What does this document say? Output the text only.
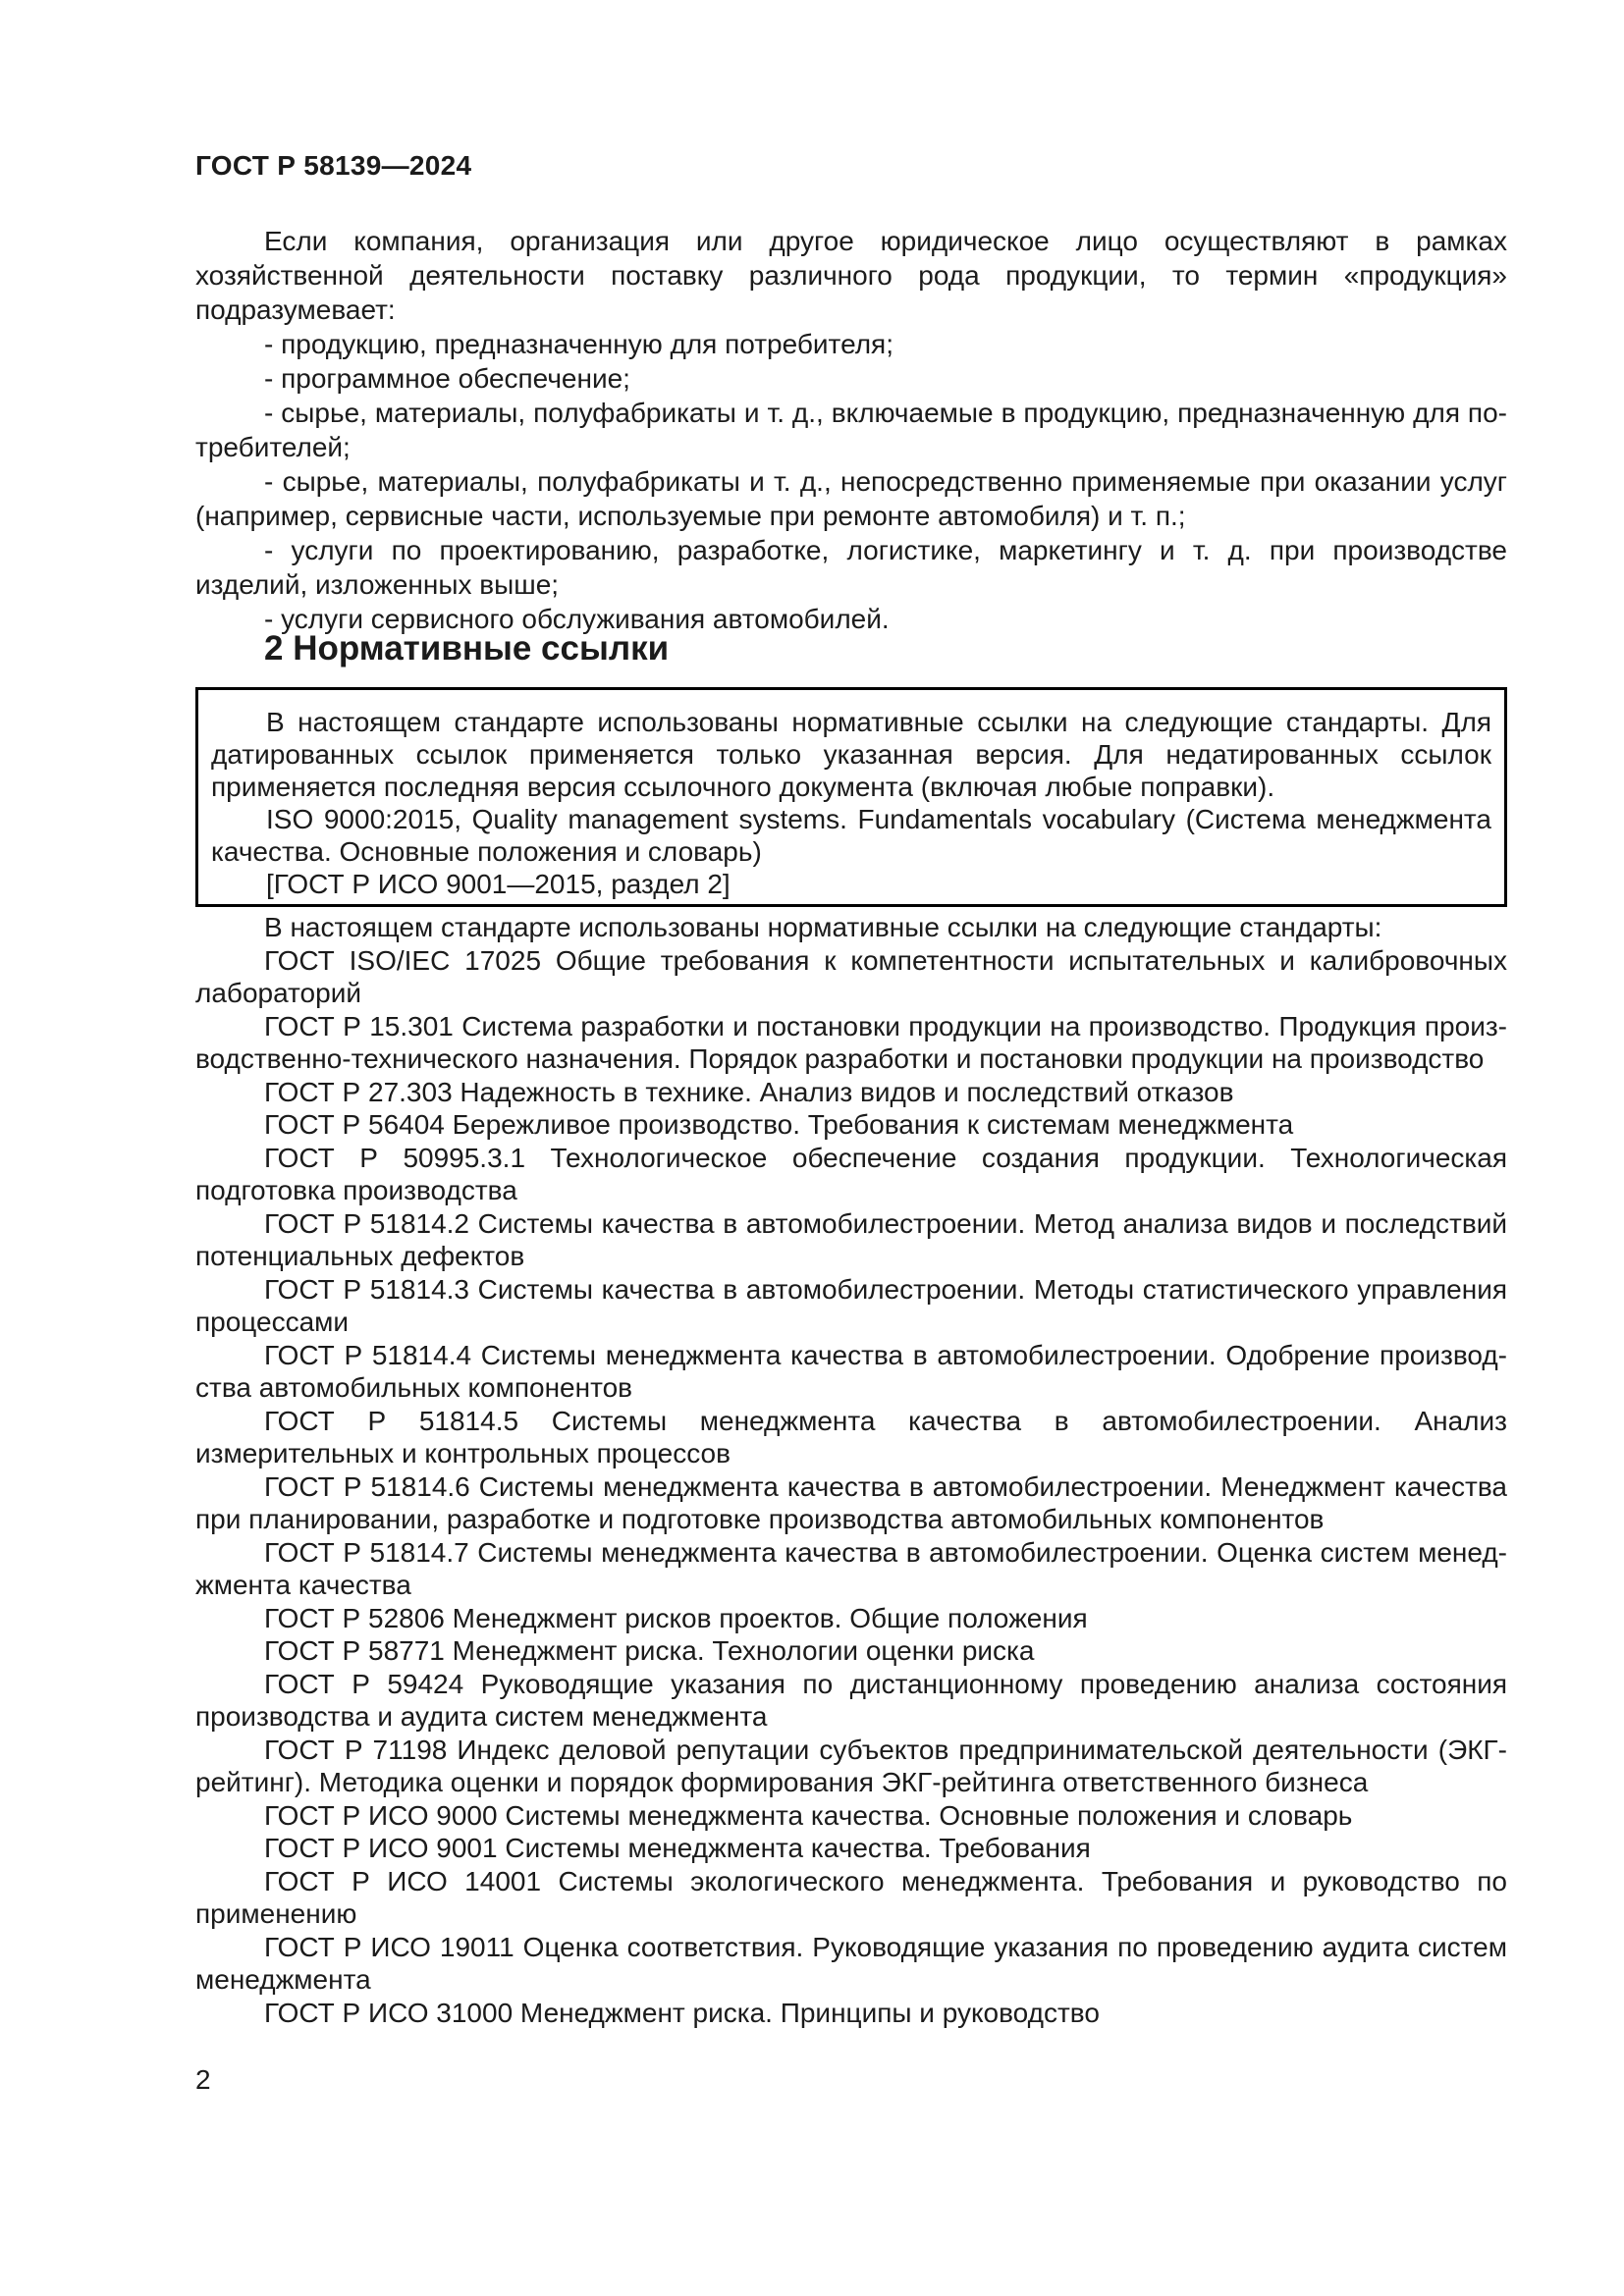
ГОСТ Р 58139—2024

Если компания, организация или другое юридическое лицо осуществляют в рамках хозяйственной деятельности поставку различного рода продукции, то термин «продукция» подразумевает:

- продукцию, предназначенную для потребителя;

- программное обеспечение;

- сырье, материалы, полуфабрикаты и т. д., включаемые в продукцию, предназначенную для потребителей;

- сырье, материалы, полуфабрикаты и т. д., непосредственно применяемые при оказании услуг (например, сервисные части, используемые при ремонте автомобиля) и т. п.;

- услуги по проектированию, разработке, логистике, маркетингу и т. д. при производстве изделий, изложенных выше;

- услуги сервисного обслуживания автомобилей.

2 Нормативные ссылки

В настоящем стандарте использованы нормативные ссылки на следующие стандарты. Для датированных ссылок применяется только указанная версия. Для недатированных ссылок применяется последняя версия ссылочного документа (включая любые поправки).

ISO 9000:2015, Quality management systems. Fundamentals vocabulary (Система менеджмента качества. Основные положения и словарь)

[ГОСТ Р ИСО 9001—2015, раздел 2]

В настоящем стандарте использованы нормативные ссылки на следующие стандарты:

ГОСТ ISO/IEC 17025 Общие требования к компетентности испытательных и калибровочных лабораторий

ГОСТ Р 15.301 Система разработки и постановки продукции на производство. Продукция производственно-технического назначения. Порядок разработки и постановки продукции на производство

ГОСТ Р 27.303 Надежность в технике. Анализ видов и последствий отказов

ГОСТ Р 56404 Бережливое производство. Требования к системам менеджмента

ГОСТ Р 50995.3.1 Технологическое обеспечение создания продукции. Технологическая подготовка производства

ГОСТ Р 51814.2 Системы качества в автомобилестроении. Метод анализа видов и последствий потенциальных дефектов

ГОСТ Р 51814.3 Системы качества в автомобилестроении. Методы статистического управления процессами

ГОСТ Р 51814.4 Системы менеджмента качества в автомобилестроении. Одобрение производства автомобильных компонентов

ГОСТ Р 51814.5 Системы менеджмента качества в автомобилестроении. Анализ измерительных и контрольных процессов

ГОСТ Р 51814.6 Системы менеджмента качества в автомобилестроении. Менеджмент качества при планировании, разработке и подготовке производства автомобильных компонентов

ГОСТ Р 51814.7 Системы менеджмента качества в автомобилестроении. Оценка систем менеджмента качества

ГОСТ Р 52806 Менеджмент рисков проектов. Общие положения

ГОСТ Р 58771 Менеджмент риска. Технологии оценки риска

ГОСТ Р 59424 Руководящие указания по дистанционному проведению анализа состояния производства и аудита систем менеджмента

ГОСТ Р 71198 Индекс деловой репутации субъектов предпринимательской деятельности (ЭКГ-рейтинг). Методика оценки и порядок формирования ЭКГ-рейтинга ответственного бизнеса

ГОСТ Р ИСО 9000 Системы менеджмента качества. Основные положения и словарь

ГОСТ Р ИСО 9001 Системы менеджмента качества. Требования

ГОСТ Р ИСО 14001 Системы экологического менеджмента. Требования и руководство по применению

ГОСТ Р ИСО 19011 Оценка соответствия. Руководящие указания по проведению аудита систем менеджмента

ГОСТ Р ИСО 31000 Менеджмент риска. Принципы и руководство

2
